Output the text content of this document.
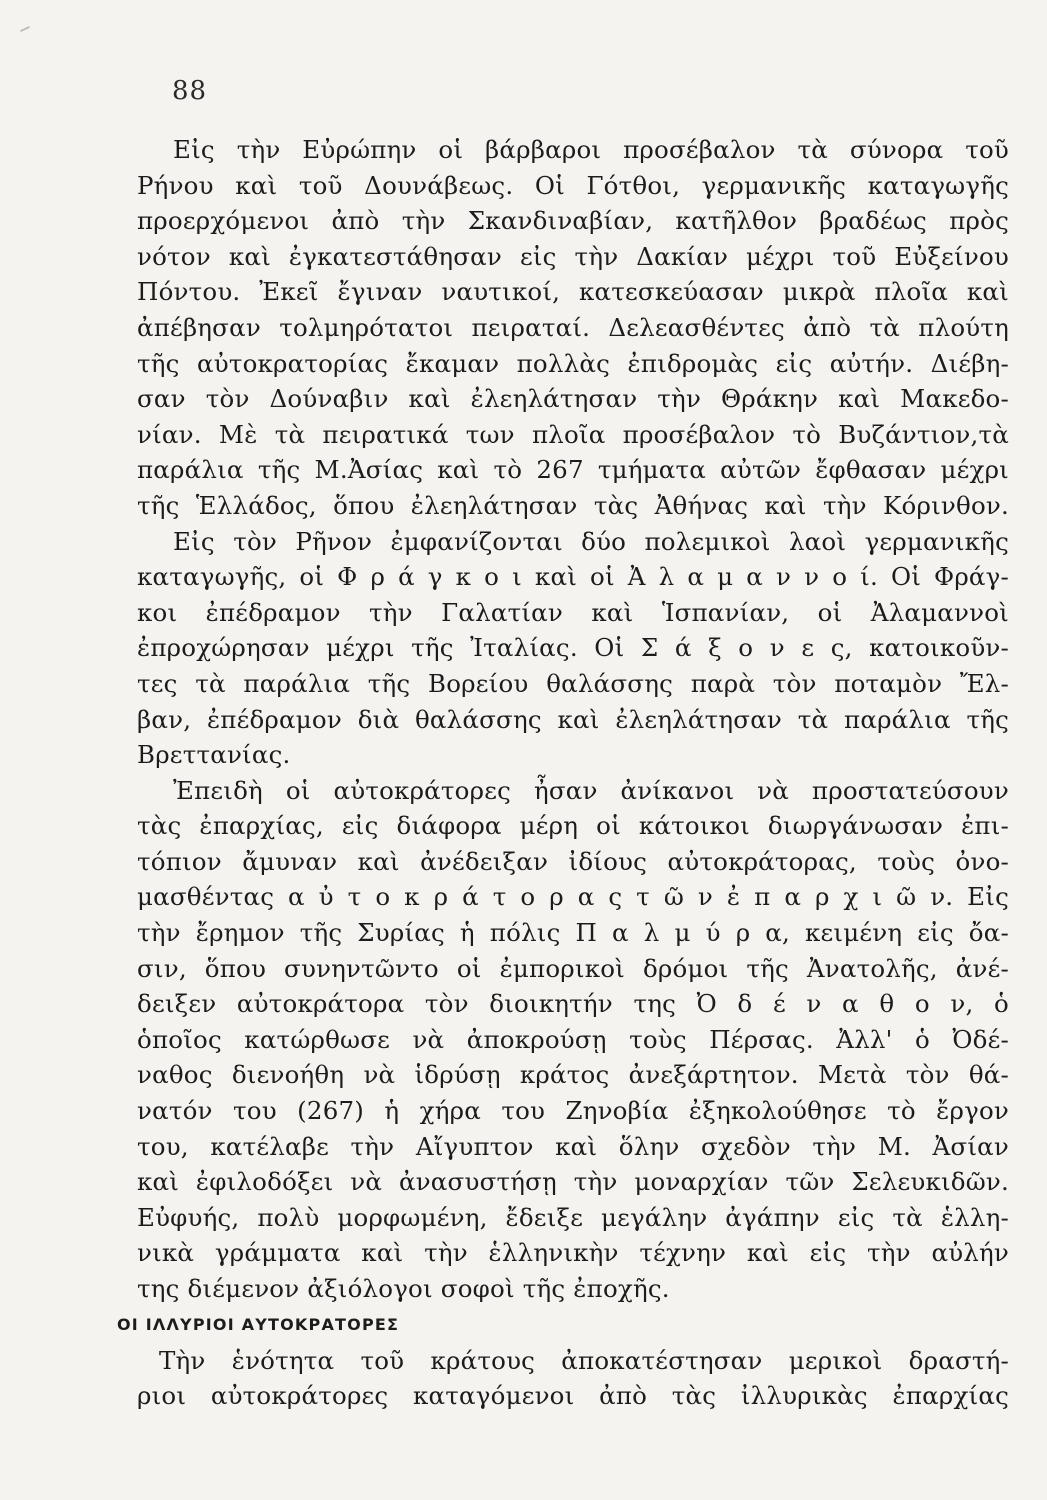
88
Εἰς τὴν Εὐρώπην οἱ βάρβαροι προσέβαλον τὰ σύνορα τοῦ
Ρήνου καὶ τοῦ Δουνάβεως. Οἱ Γότθοι, γερμανικῆς καταγωγῆς
προερχόμενοι ἀπὸ τὴν Σκανδιναβίαν, κατῆλθον βραδέως πρὸς
νότον καὶ ἐγκατεστάθησαν εἰς τὴν Δακίαν μέχρι τοῦ Εὐξείνου
Πόντου. Ἐκεῖ ἔγιναν ναυτικοί, κατεσκεύασαν μικρὰ πλοῖα καὶ
ἀπέβησαν τολμηρότατοι πειραταί. Δελεασθέντες ἀπὸ τὰ πλούτη
τῆς αὐτοκρατορίας ἔκαμαν πολλὰς ἐπιδρομὰς εἰς αὐτήν. Διέβη-
σαν τὸν Δούναβιν καὶ ἐλεηλάτησαν τὴν Θράκην καὶ Μακεδο-
νίαν. Μὲ τὰ πειρατικά των πλοῖα προσέβαλον τὸ Βυζάντιον,τὰ
παράλια τῆς Μ.Ἀσίας καὶ τὸ 267 τμήματα αὐτῶν ἔφθασαν μέχρι
τῆς Ἑλλάδος, ὅπου ἐλεηλάτησαν τὰς Ἀθήνας καὶ τὴν Κόρινθον.
Εἰς τὸν Ρῆνον ἐμφανίζονται δύο πολεμικοὶ λαοὶ γερμανικῆς
καταγωγῆς, οἱ Φ ρ ά γ κ ο ι καὶ οἱ Ἀ λ α μ α ν ν ο ί. Οἱ Φράγ-
κοι ἐπέδραμον τὴν Γαλατίαν καὶ Ἱσπανίαν, οἱ Ἀλαμαννοὶ
ἐπροχώρησαν μέχρι τῆς Ἰταλίας. Οἱ Σ ά ξ ο ν ε ς, κατοικοῦν-
τες τὰ παράλια τῆς Βορείου θαλάσσης παρὰ τὸν ποταμὸν Ἔλ-
βαν, ἐπέδραμον διὰ θαλάσσης καὶ ἐλεηλάτησαν τὰ παράλια τῆς
Βρεττανίας.
Ἐπειδὴ οἱ αὐτοκράτορες ἦσαν ἀνίκανοι νὰ προστατεύσουν
τὰς ἐπαρχίας, εἰς διάφορα μέρη οἱ κάτοικοι διωργάνωσαν ἐπι-
τόπιον ἄμυναν καὶ ἀνέδειξαν ἰδίους αὐτοκράτορας, τοὺς ὀνο-
μασθέντας α ὐ τ ο κ ρ ά τ ο ρ α ς τ ῶ ν ἐ π α ρ χ ι ῶ ν. Εἰς
τὴν ἔρημον τῆς Συρίας ἡ πόλις Π α λ μ ύ ρ α, κειμένη εἰς ὄα-
σιν, ὅπου συνηντῶντο οἱ ἐμπορικοὶ δρόμοι τῆς Ἀνατολῆς, ἀνέ-
δειξεν αὐτοκράτορα τὸν διοικητήν της Ὀ δ έ ν α θ ο ν, ὁ
ὁποῖος κατώρθωσε νὰ ἀποκρούσῃ τοὺς Πέρσας. Ἀλλ' ὁ Ὀδέ-
ναθος διενοήθη νὰ ἱδρύσῃ κράτος ἀνεξάρτητον. Μετὰ τὸν θά-
νατόν του (267) ἡ χήρα του Ζηνοβία ἐξηκολούθησε τὸ ἔργον
του, κατέλαβε τὴν Αἴγυπτον καὶ ὅλην σχεδὸν τὴν Μ. Ἀσίαν
καὶ ἐφιλοδόξει νὰ ἀνασυστήσῃ τὴν μοναρχίαν τῶν Σελευκιδῶν.
Εὐφυής, πολὺ μορφωμένη, ἔδειξε μεγάλην ἀγάπην εἰς τὰ ἑλλη-
νικὰ γράμματα καὶ τὴν ἑλληνικὴν τέχνην καὶ εἰς τὴν αὐλήν
της διέμενον ἀξιόλογοι σοφοὶ τῆς ἐποχῆς.
ΟΙ ΙΛΛΥΡΙΟΙ ΑΥΤΟΚΡΑΤΟΡΕΣ
Τὴν ἑνότητα τοῦ κράτους ἀποκατέστησαν μερικοὶ δραστή-
ριοι αὐτοκράτορες καταγόμενοι ἀπὸ τὰς ἰλλυρικὰς ἐπαρχίας
